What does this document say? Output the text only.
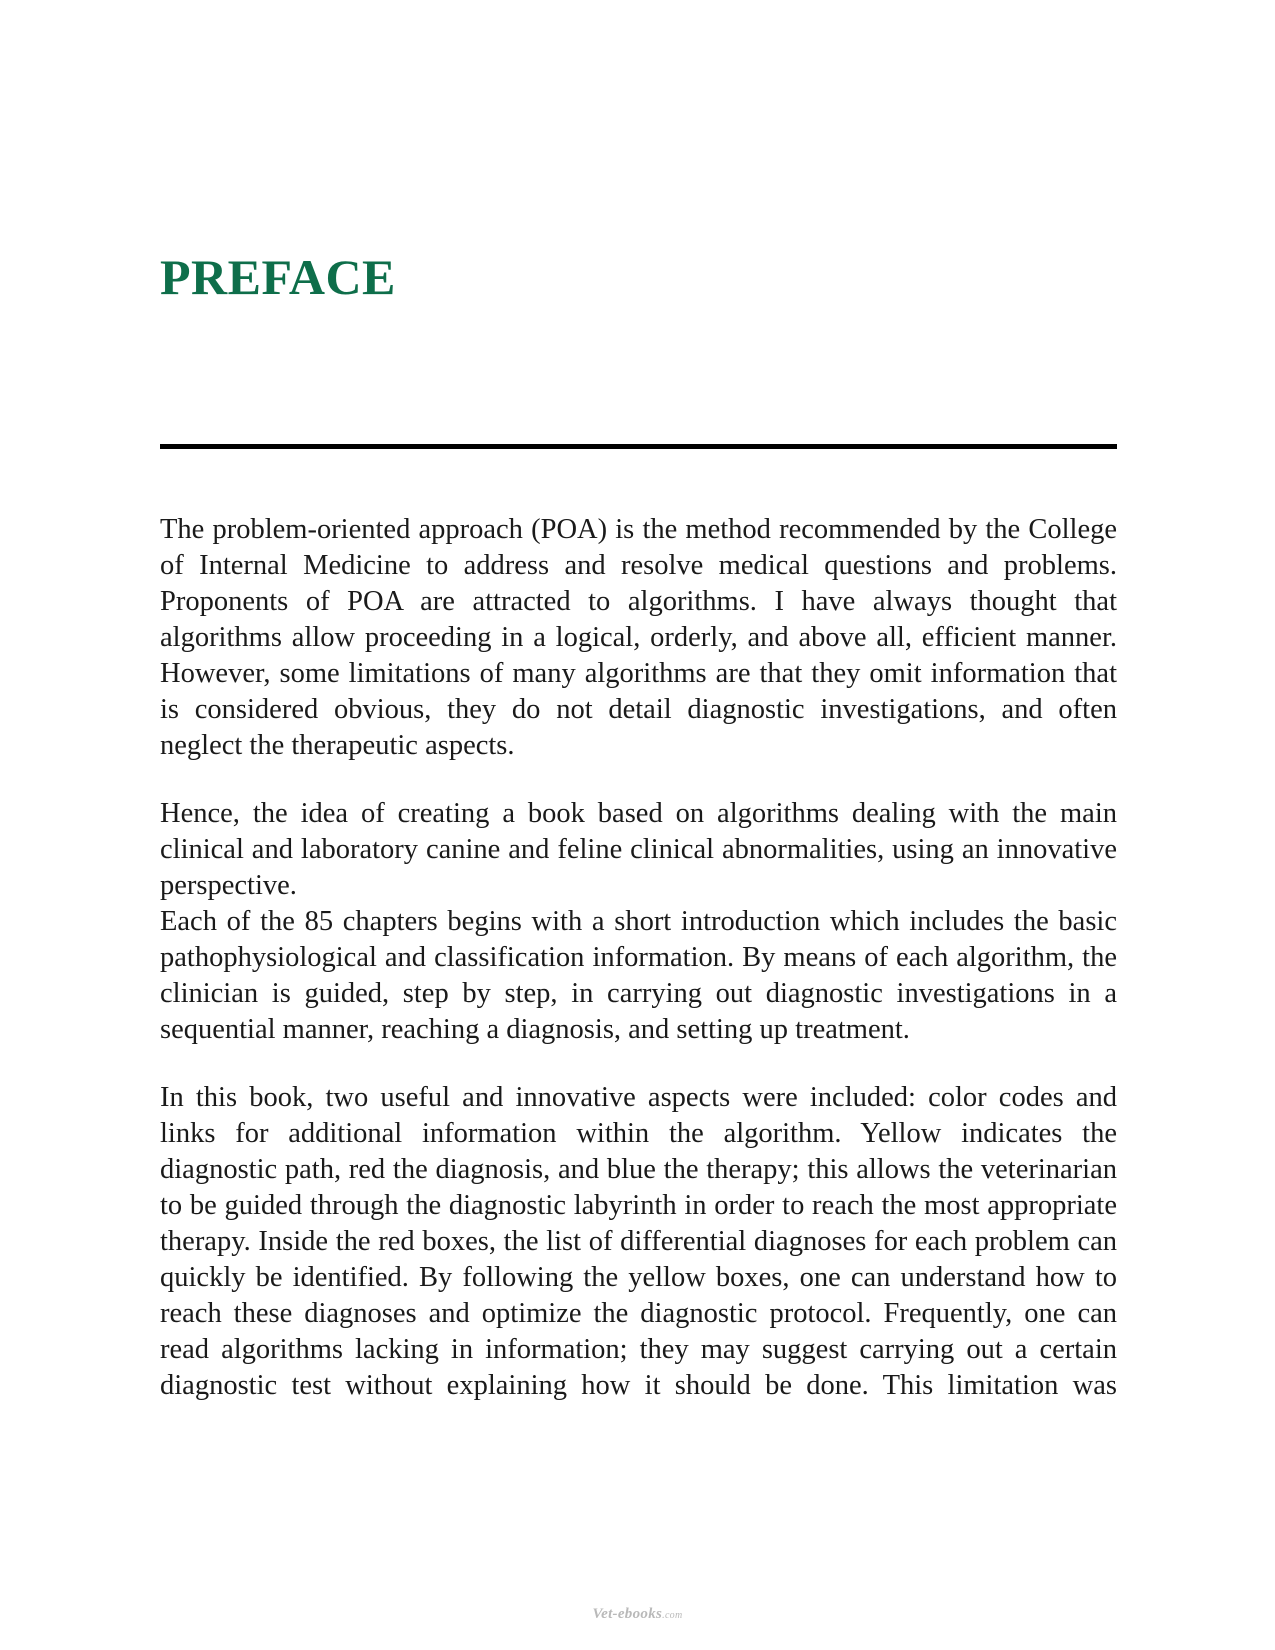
PREFACE

The problem-oriented approach (POA) is the method recommended by the College of Internal Medicine to address and resolve medical questions and problems. Proponents of POA are attracted to algorithms. I have always thought that algorithms allow proceeding in a logical, orderly, and above all, efficient manner. However, some limitations of many algorithms are that they omit information that is considered obvious, they do not detail diagnostic investigations, and often neglect the therapeutic aspects.

Hence, the idea of creating a book based on algorithms dealing with the main clinical and laboratory canine and feline clinical abnormalities, using an innovative perspective.

Each of the 85 chapters begins with a short introduction which includes the basic pathophysiological and classification information. By means of each algorithm, the clinician is guided, step by step, in carrying out diagnostic investigations in a sequential manner, reaching a diagnosis, and setting up treatment.

In this book, two useful and innovative aspects were included: color codes and links for additional information within the algorithm. Yellow indicates the diagnostic path, red the diagnosis, and blue the therapy; this allows the veterinarian to be guided through the diagnostic labyrinth in order to reach the most appropriate therapy. Inside the red boxes, the list of differential diagnoses for each problem can quickly be identified. By following the yellow boxes, one can understand how to reach these diagnoses and optimize the diagnostic protocol. Frequently, one can read algorithms lacking in information; they may suggest carrying out a certain diagnostic test without explaining how it should be done. This limitation was

Vet-ebooks.com
